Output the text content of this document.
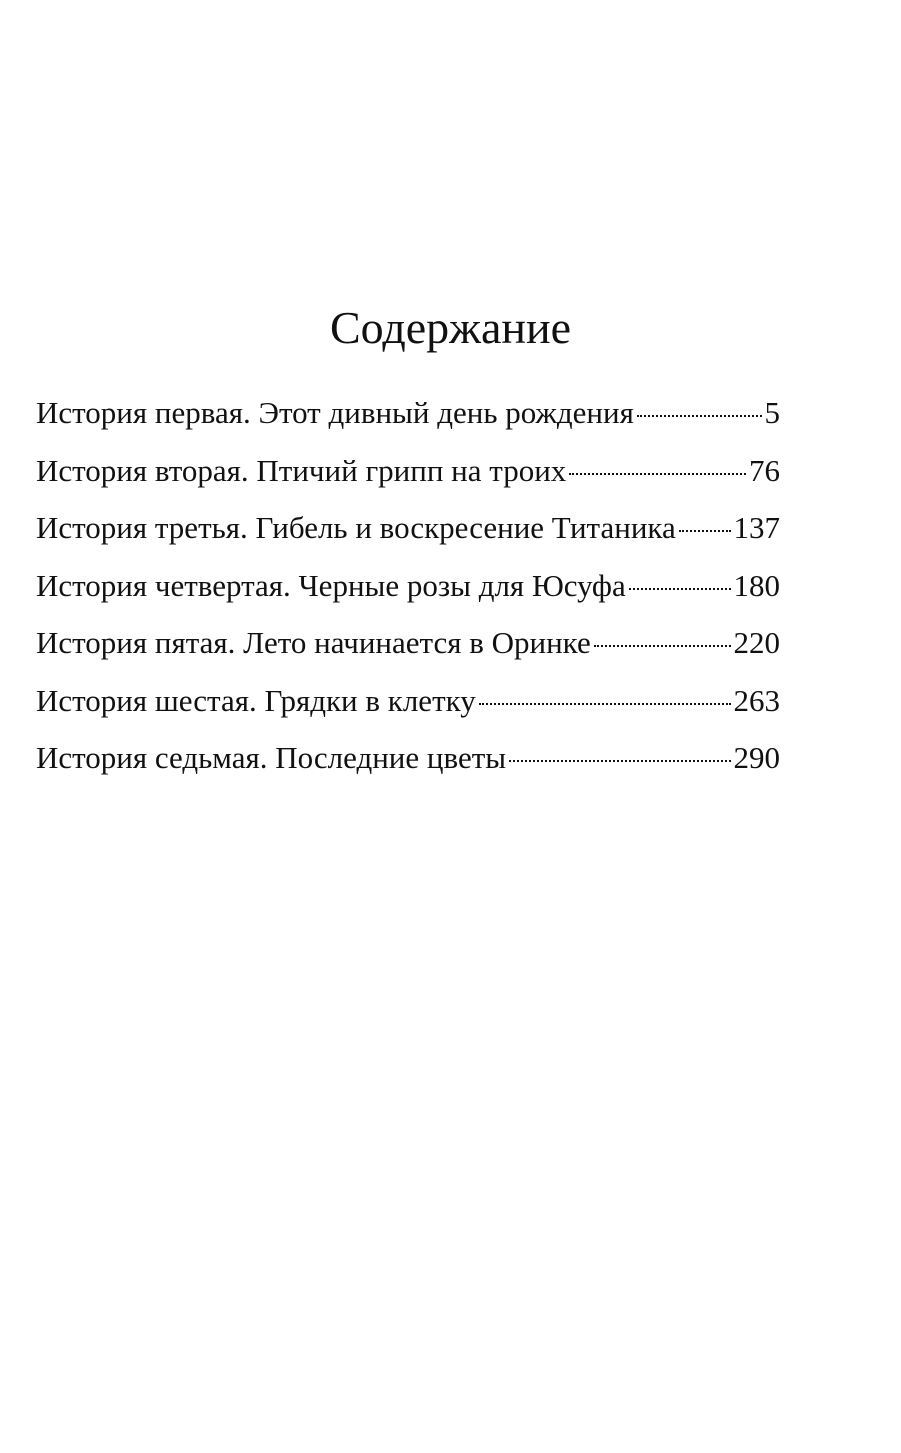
Содержание
История первая. Этот дивный день рождения	5
История вторая. Птичий грипп на троих	76
История третья. Гибель и воскресение Титаника 137
История четвертая. Черные розы для Юсуфа	180
История пятая. Лето начинается в Оринке	220
История шестая. Грядки в клетку	263
История седьмая. Последние цветы	290
